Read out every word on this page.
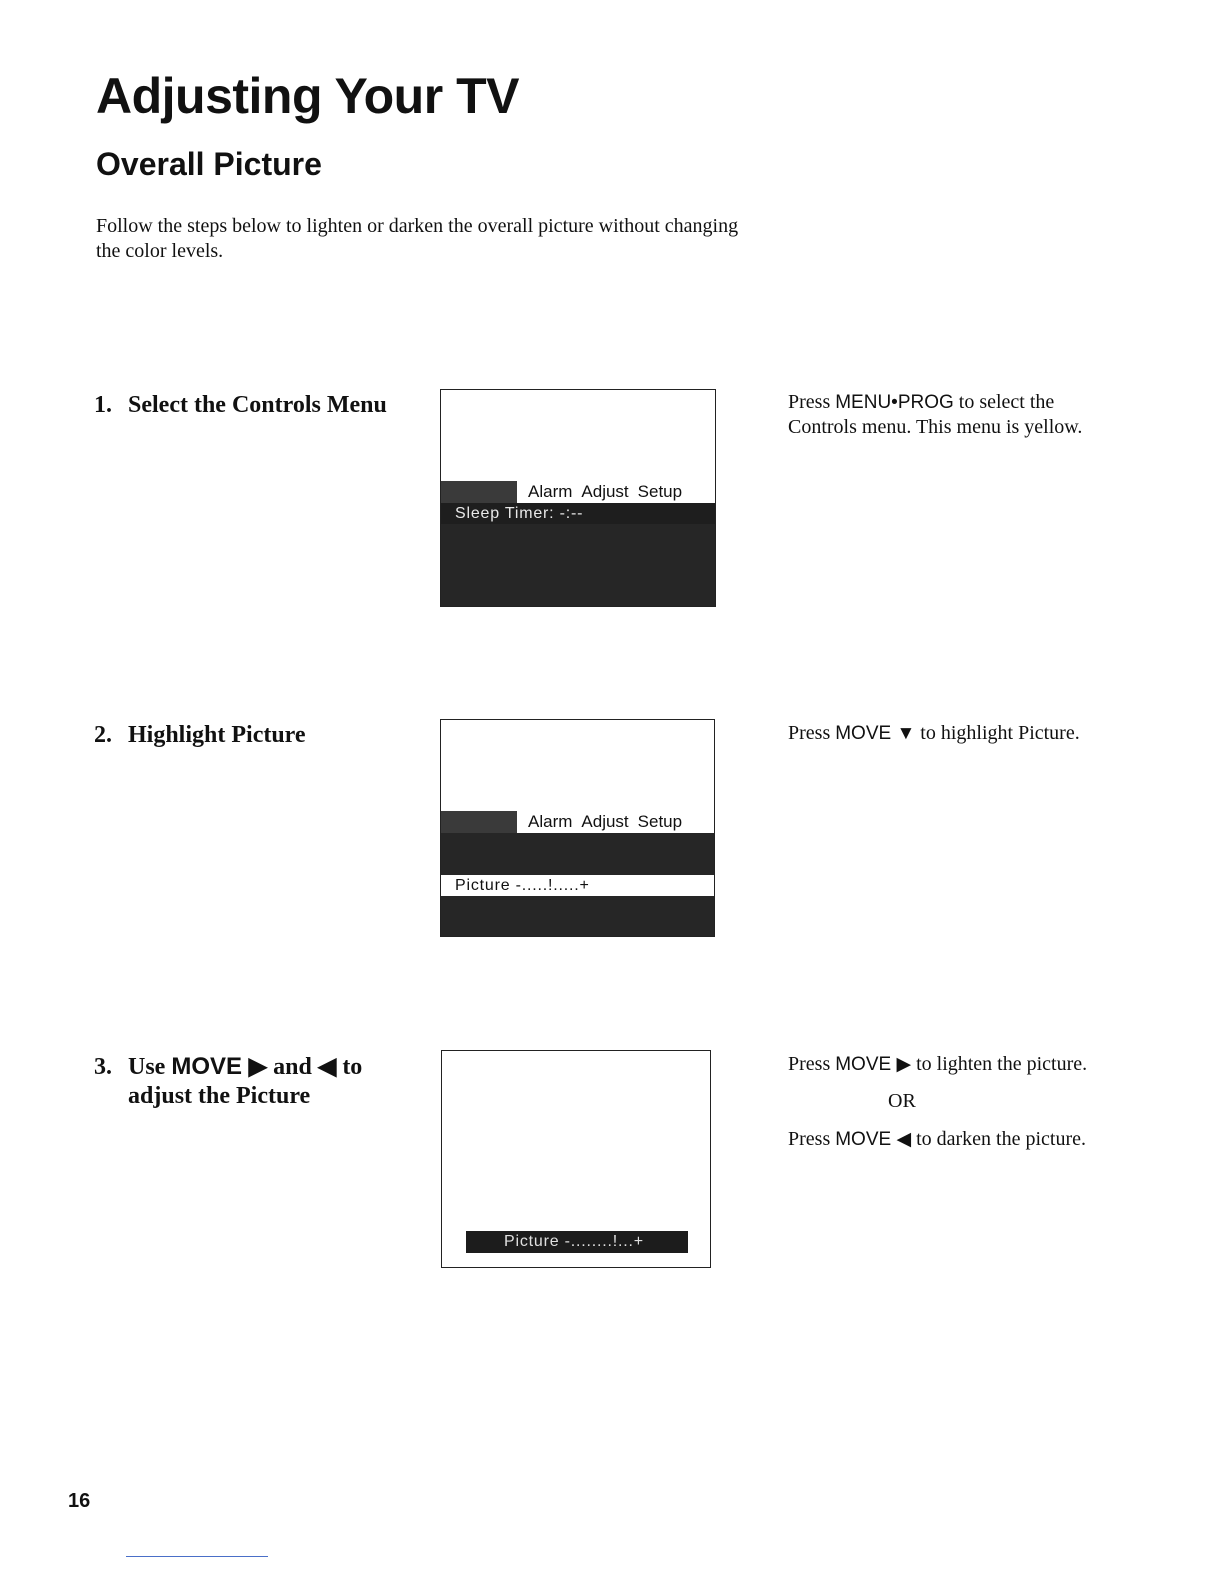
Adjusting Your TV
Overall Picture

Follow the steps below to lighten or darken the overall picture without changing the color levels.

1. Select the Controls Menu
Alarm Adjust Setup
Sleep Timer: -:--

Press MENU•PROG to select the Controls menu. This menu is yellow.

2. Highlight Picture
Alarm Adjust Setup
Picture -.....!.....+

Press MOVE ▼ to highlight Picture.

3. Use MOVE ▶ and ◀ to
adjust the Picture
Picture -........!...+

Press MOVE ▶ to lighten the picture.

OR

Press MOVE ◀ to darken the picture.

16
